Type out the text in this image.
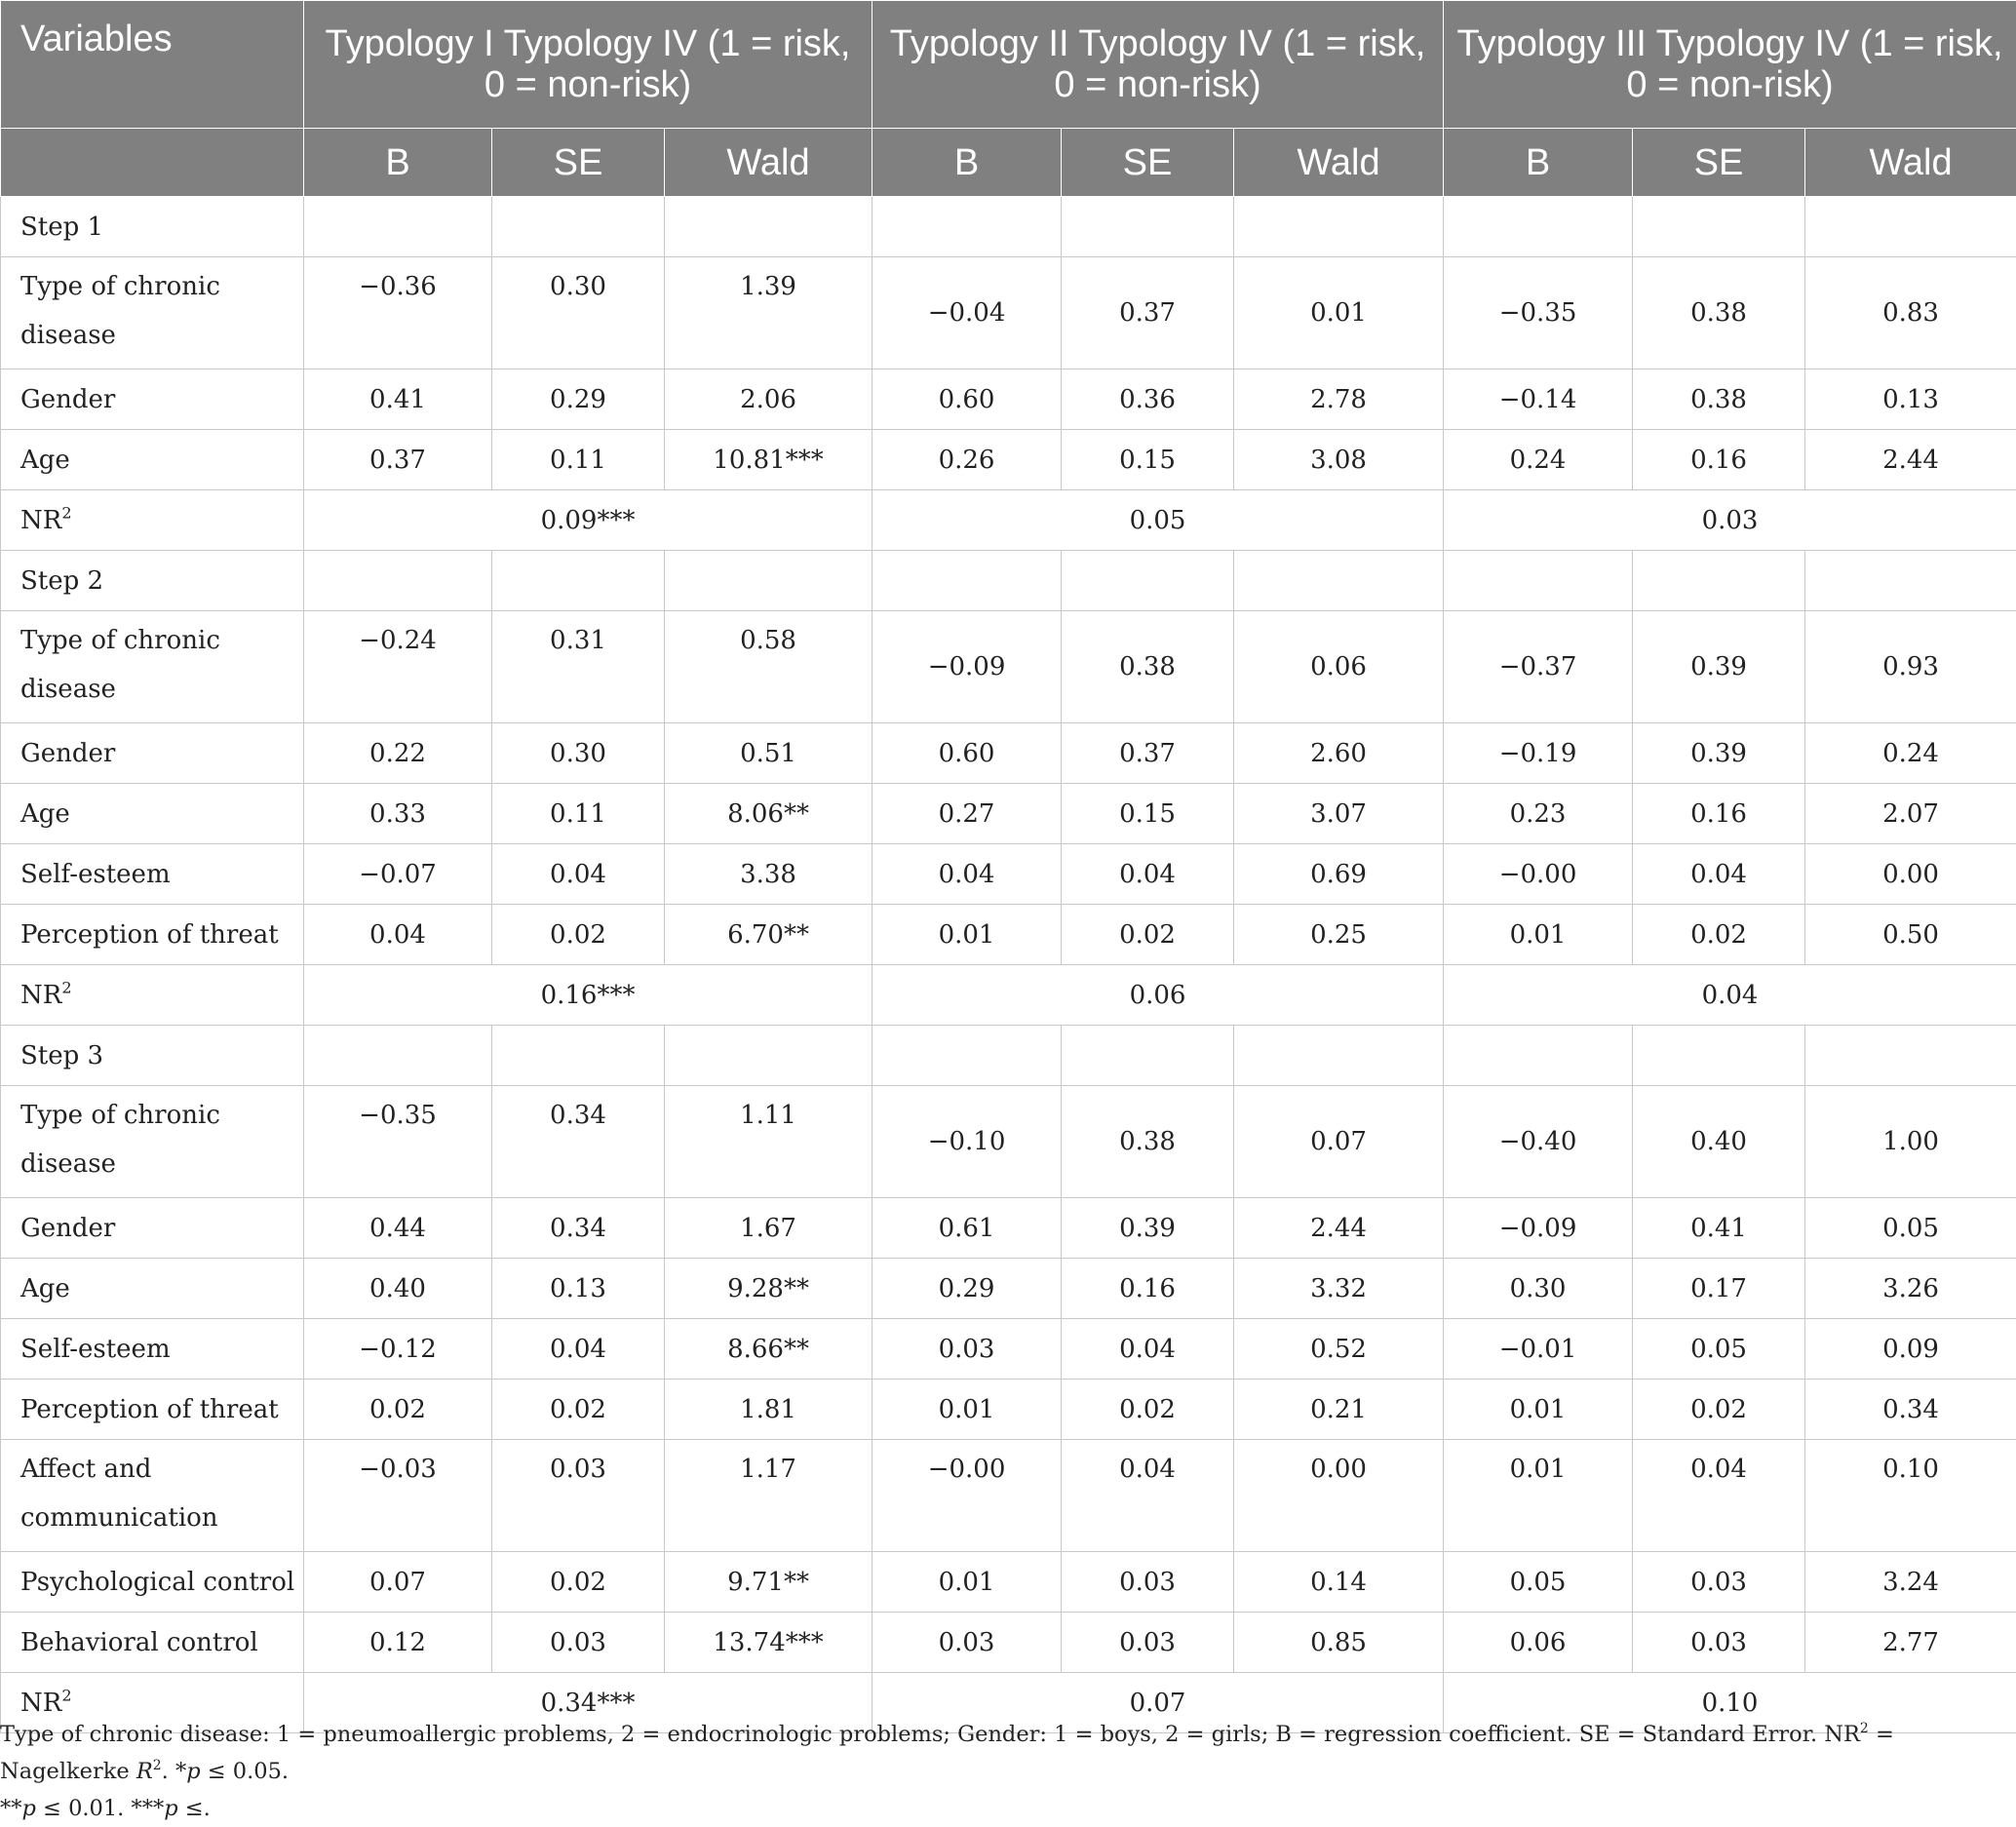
Variables	Typology I Typology IV (1 = risk, 0 = non-risk)			Typology II Typology IV (1 = risk, 0 = non-risk)			Typology III Typology IV (1 = risk, 0 = non-risk)		
	B	SE	Wald	B	SE	Wald	B	SE	Wald
Step 1									
Type of chronic disease	−0.36	0.30	1.39	−0.04	0.37	0.01	−0.35	0.38	0.83
Gender	0.41	0.29	2.06	0.60	0.36	2.78	−0.14	0.38	0.13
Age	0.37	0.11	10.81***	0.26	0.15	3.08	0.24	0.16	2.44
$NR^2$	0.09***			0.05			0.03		
Step 2									
Type of chronic disease	−0.24	0.31	0.58	−0.09	0.38	0.06	−0.37	0.39	0.93
Gender	0.22	0.30	0.51	0.60	0.37	2.60	−0.19	0.39	0.24
Age	0.33	0.11	8.06**	0.27	0.15	3.07	0.23	0.16	2.07
Self-esteem	−0.07	0.04	3.38	0.04	0.04	0.69	−0.00	0.04	0.00
Perception of threat	0.04	0.02	6.70**	0.01	0.02	0.25	0.01	0.02	0.50
$NR^2$	0.16***			0.06			0.04		
Step 3									
Type of chronic disease	−0.35	0.34	1.11	−0.10	0.38	0.07	−0.40	0.40	1.00
Gender	0.44	0.34	1.67	0.61	0.39	2.44	−0.09	0.41	0.05
Age	0.40	0.13	9.28**	0.29	0.16	3.32	0.30	0.17	3.26
Self-esteem	−0.12	0.04	8.66**	0.03	0.04	0.52	−0.01	0.05	0.09
Perception of threat	0.02	0.02	1.81	0.01	0.02	0.21	0.01	0.02	0.34
Affect and communication	−0.03	0.03	1.17	−0.00	0.04	0.00	0.01	0.04	0.10
Psychological control	0.07	0.02	9.71**	0.01	0.03	0.14	0.05	0.03	3.24
Behavioral control	0.12	0.03	13.74***	0.03	0.03	0.85	0.06	0.03	2.77
$NR^2$	0.34***			0.07			0.10		
Type of chronic disease: 1 = pneumoallergic problems, 2 = endocrinologic problems; Gender: 1 = boys, 2 = girls; B = regression coefficient. SE = Standard Error. $NR^2$ = Nagelkerke $R^2$. *p ≤ 0.05.
**p ≤ 0.01. ***p ≤.
